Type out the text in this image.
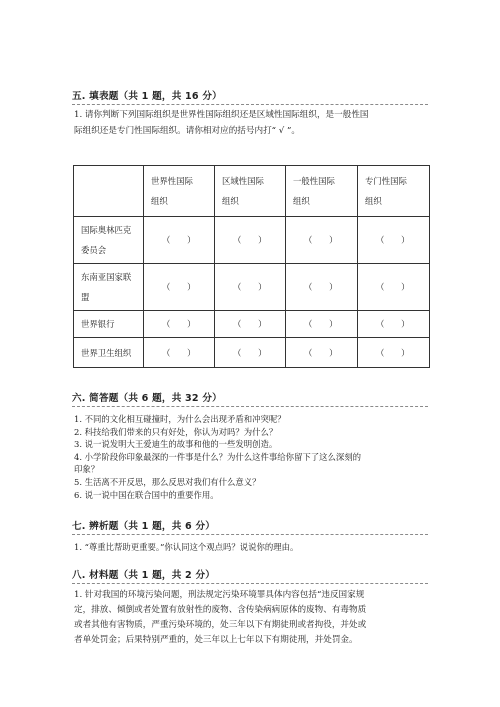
五. 填表题（共 1 题，共 16 分）
1. 请你判断下列国际组织是世界性国际组织还是区域性国际组织，是一般性国
际组织还是专门性国际组织。请你相对应的括号内打“ √ ”。
	世界性国际组织	区域性国际组织	一般性国际组织	专门性国际组织
国际奥林匹克委员会	（　　）	（　　）	（　　）	（　　）
东南亚国家联盟	（　　）	（　　）	（　　）	（　　）
世界银行	（　　）	（　　）	（　　）	（　　）
世界卫生组织	（　　）	（　　）	（　　）	（　　）
六. 简答题（共 6 题，共 32 分）
1. 不同的文化相互碰撞时，为什么会出现矛盾和冲突呢？
2. 科技给我们带来的只有好处，你认为对吗？为什么？
3. 说一说发明大王爱迪生的故事和他的一些发明创造。
4. 小学阶段你印象最深的一件事是什么？为什么这件事给你留下了这么深刻的
印象？
5. 生活离不开反思，那么反思对我们有什么意义？
6. 说一说中国在联合国中的重要作用。
七. 辨析题（共 1 题，共 6 分）
1. “尊重比帮助更重要。”你认同这个观点吗？说说你的理由。
八. 材料题（共 1 题，共 2 分）
1. 针对我国的环境污染问题，刑法规定污染环境罪具体内容包括“违反国家规
定，排放、倾倒或者处置有放射性的废物、含传染病病原体的废物、有毒物质
或者其他有害物质，严重污染环境的，处三年以下有期徒刑或者拘役，并处或
者单处罚金；后果特别严重的，处三年以上七年以下有期徒刑，并处罚金。
